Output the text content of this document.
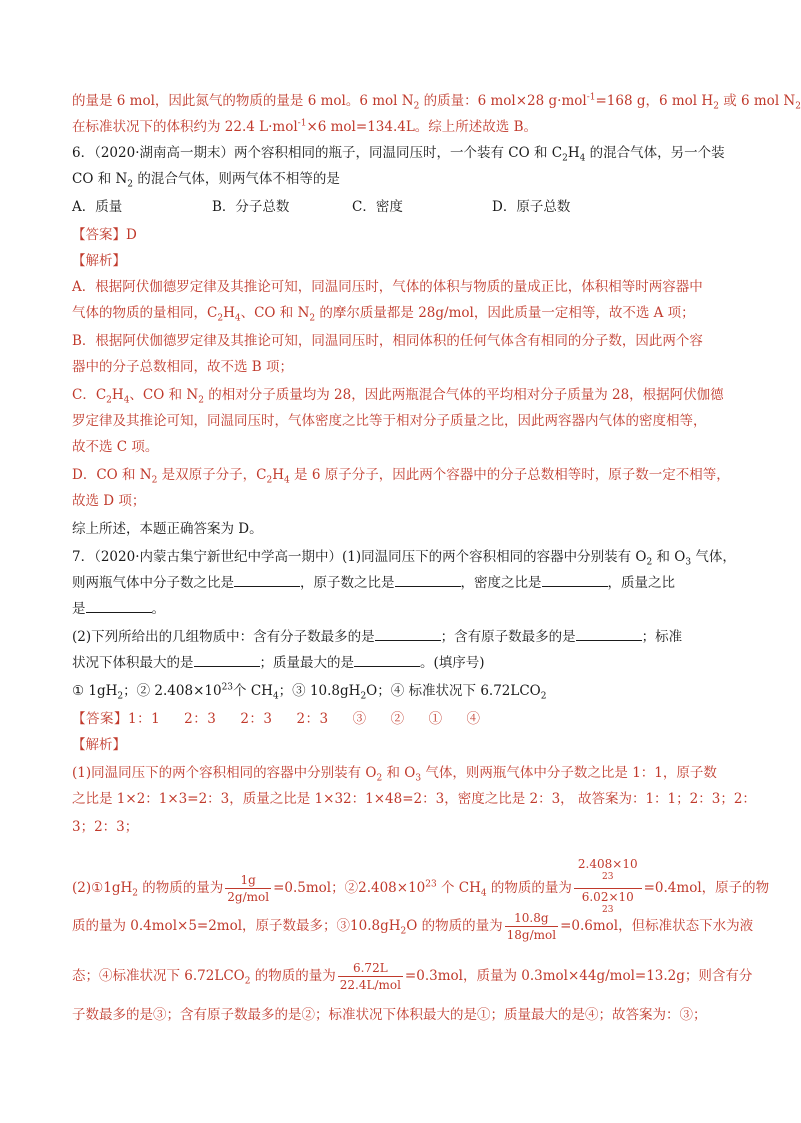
的量是 6 mol，因此氮气的物质的量是 6 mol。6 mol $N_2$ 的质量：6 mol×28 g·mol$^{-1}$=168 g，6 mol $H_2$ 或 6 mol $N_2$
在标准状况下的体积约为 22.4 L·mol$^{-1}$×6 mol=134.4L。综上所述故选 B。
6．（2020·湖南高一期末）两个容积相同的瓶子，同温同压时，一个装有 CO 和 $C_2H_4$ 的混合气体，另一个装
CO 和 $N_2$ 的混合气体，则两气体不相等的是
A．质量	B．分子总数	C．密度	D．原子总数
【答案】D
【解析】
A．根据阿伏伽德罗定律及其推论可知，同温同压时，气体的体积与物质的量成正比，体积相等时两容器中
气体的物质的量相同，$C_2H_4$、CO 和 $N_2$ 的摩尔质量都是 28g/mol，因此质量一定相等，故不选 A 项；
B．根据阿伏伽德罗定律及其推论可知，同温同压时，相同体积的任何气体含有相同的分子数，因此两个容
器中的分子总数相同，故不选 B 项；
C．$C_2H_4$、CO 和 $N_2$ 的相对分子质量均为 28，因此两瓶混合气体的平均相对分子质量为 28，根据阿伏伽德
罗定律及其推论可知，同温同压时，气体密度之比等于相对分子质量之比，因此两容器内气体的密度相等，
故不选 C 项。
D．CO 和 $N_2$ 是双原子分子，$C_2H_4$ 是 6 原子分子，因此两个容器中的分子总数相等时，原子数一定不相等，
故选 D 项；
综上所述，本题正确答案为 D。
7．（2020·内蒙古集宁新世纪中学高一期中）(1)同温同压下的两个容积相同的容器中分别装有 $O_2$ 和 $O_3$ 气体，
则两瓶气体中分子数之比是	，原子数之比是	，密度之比是	，质量之比
是	。
(2)下列所给出的几组物质中：含有分子数最多的是	；含有原子数最多的是	；标准
状况下体积最大的是	；质量最大的是	。(填序号)
① $1gH_2$；② $2.408\times 10^{23}$个 $CH_4$；③ $10.8gH_2O$；④ 标准状况下 $6.72LCO_2$
【答案】1：1 2：3 2：3 2：3 ③ ② ① ④
【解析】
(1)同温同压下的两个容积相同的容器中分别装有 $O_2$ 和 $O_3$ 气体，则两瓶气体中分子数之比是 1：1，原子数
之比是 1×2：1×3=2：3，质量之比是 1×32：1×48=2：3，密度之比是 2：3， 故答案为：1：1；2：3；2：
3；2：3；
$(2)①1gH_2$ 的物质的量为 $\frac{1g}{\text{2g/mol}} =0.5mol$；$②2.408\times 10^{23}$ 个 $CH_4$ 的物质的量为 2.408×10
$^{23}$
6.02×10
$^{23}$ =0.4mol，原子的物
质的量为 0.4mol×5=2mol，原子数最多；$③10.8gH_2O$ 的物质的量为 $\frac{10.8g}{\text{18g/mol}} =0.6mol$，但标准状态下水为液
态；④标准状况下 $6.72LCO_2$ 的物质的量为 $\frac{6.72L}{\text{22.4L/mol}} =0.3mol$，质量为 0.3mol×44g/mol=13.2g；则含有分
子数最多的是③；含有原子数最多的是②；标准状况下体积最大的是①；质量最大的是④；故答案为：③；
